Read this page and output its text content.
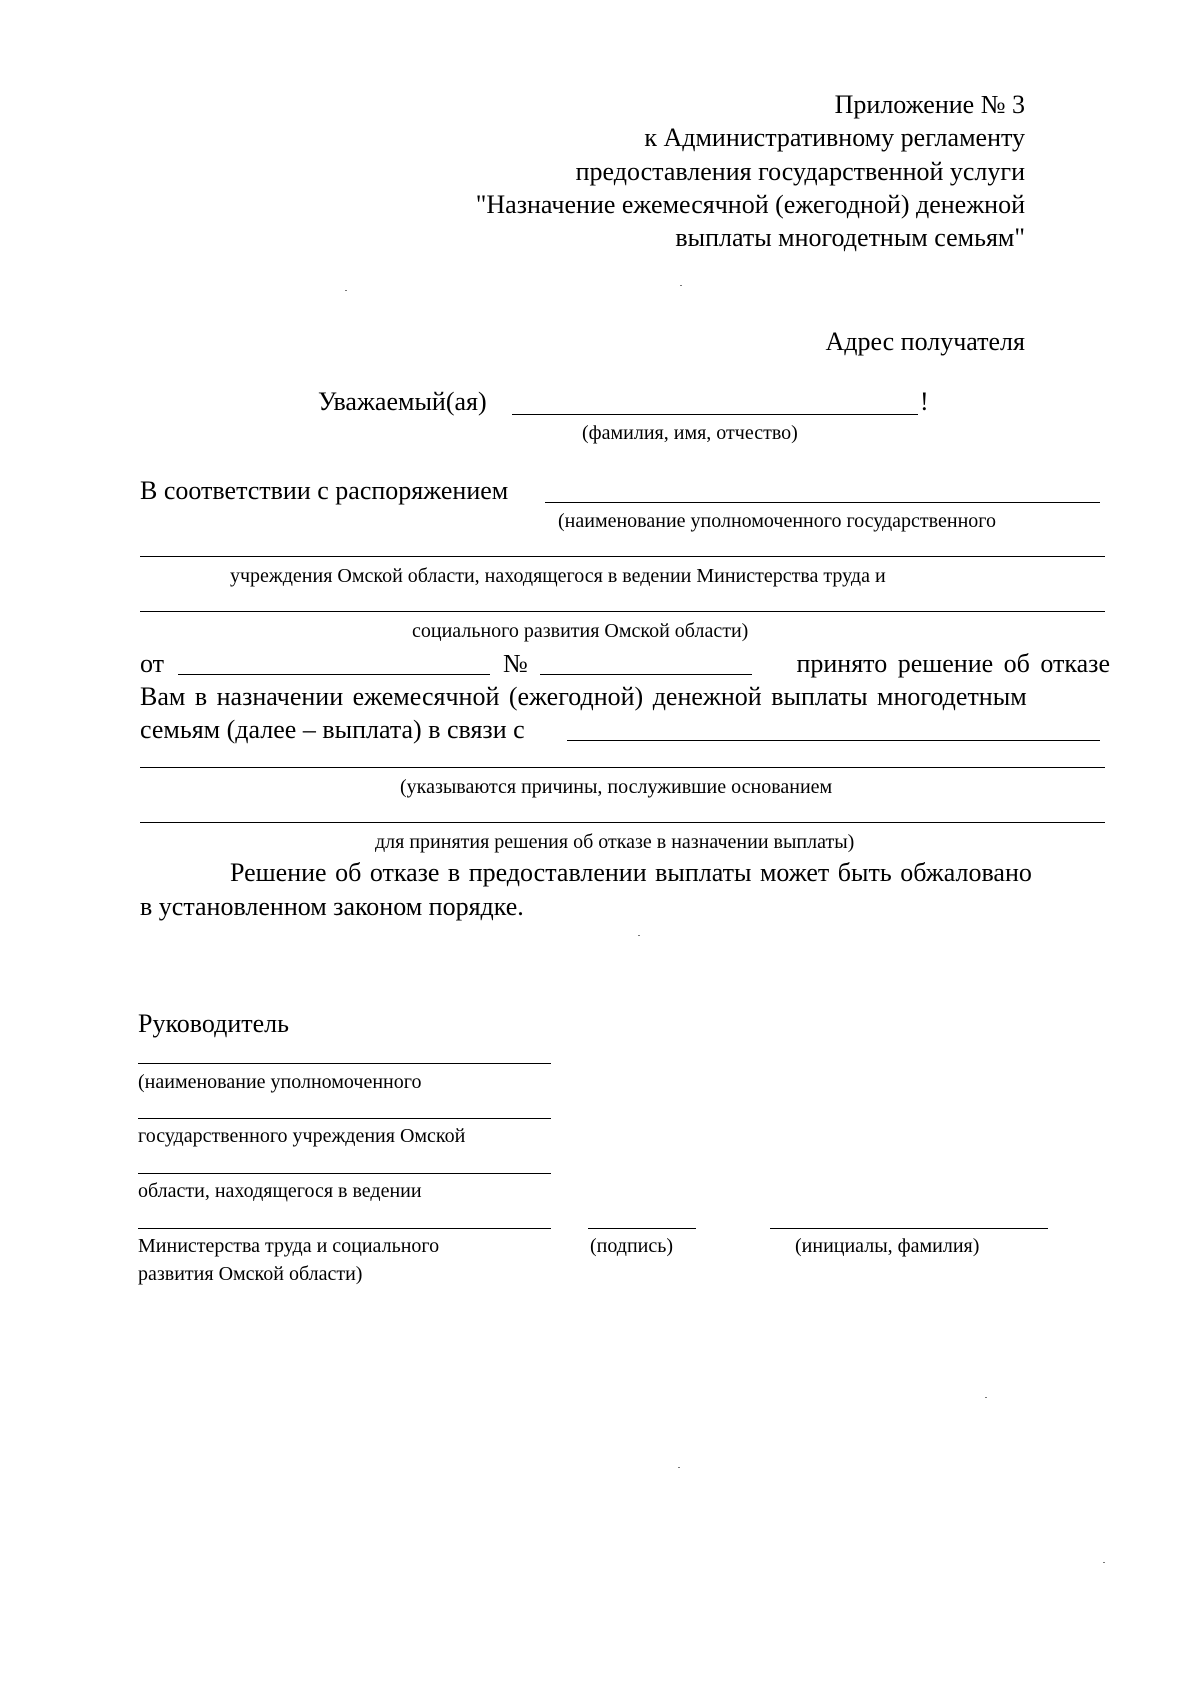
Приложение № 3
к Административному регламенту
предоставления государственной услуги
"Назначение ежемесячной (ежегодной) денежной
выплаты многодетным семьям"
Адрес получателя
Уважаемый(ая)	!
(фамилия, имя, отчество)
В соответствии с распоряжением
(наименование уполномоченного государственного
учреждения Омской области, находящегося в ведении Министерства труда и
социального развития Омской области)
от	№	принято решение об отказе
Вам в назначении ежемесячной (ежегодной) денежной выплаты многодетным
семьям (далее – выплата) в связи с
(указываются причины, послужившие основанием
для принятия решения об отказе в назначении выплаты)
Решение об отказе в предоставлении выплаты может быть обжаловано
в установленном законом порядке.
Руководитель
(наименование уполномоченного
государственного учреждения Омской
области, находящегося в ведении
Министерства труда и социального
развития Омской области)
(подпись)	(инициалы, фамилия)
